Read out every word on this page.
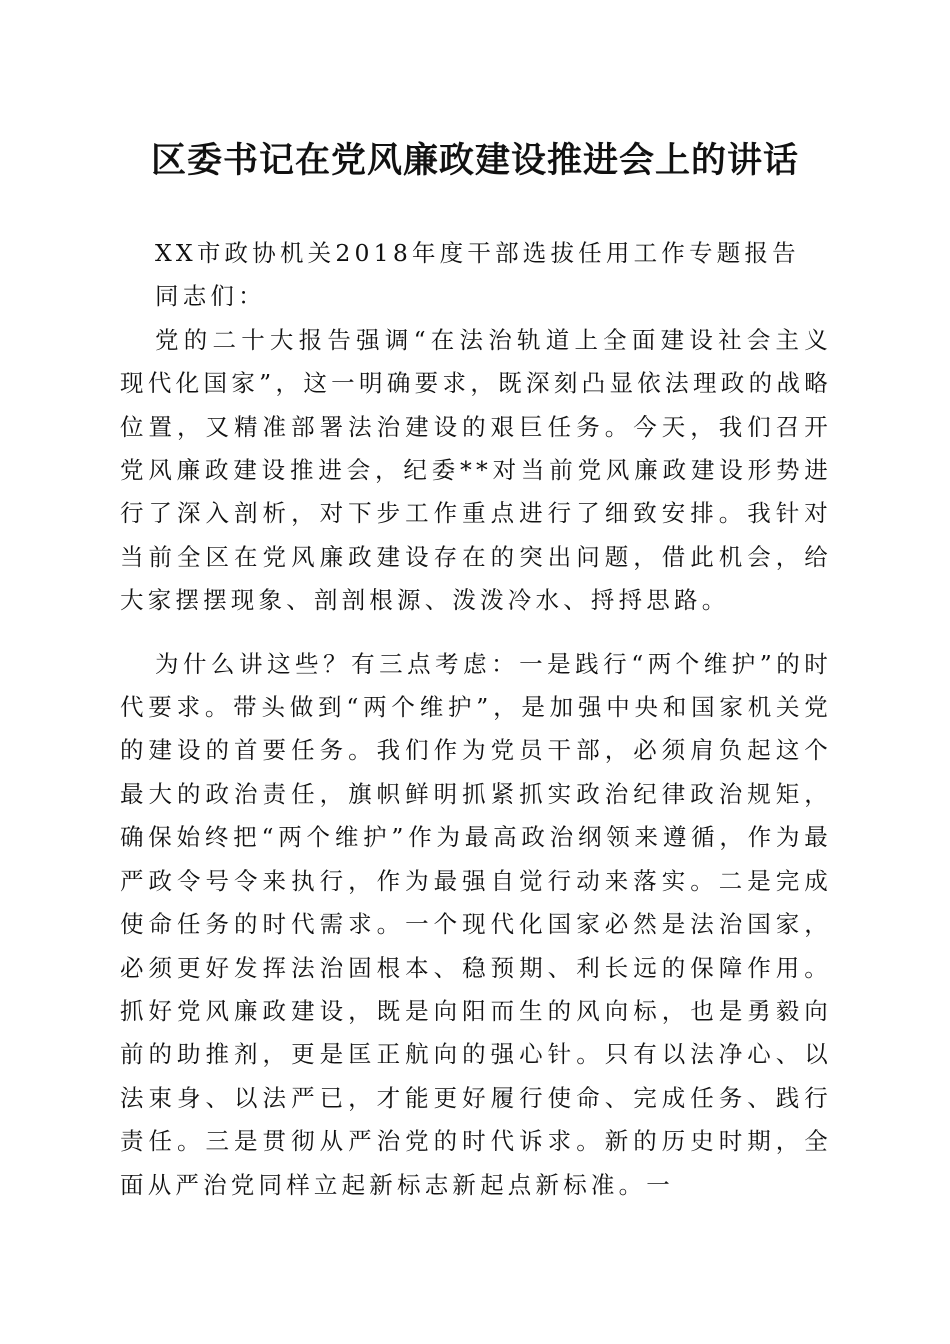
区委书记在党风廉政建设推进会上的讲话

XX市政协机关2018年度干部选拔任用工作专题报告

同志们：

党的二十大报告强调“在法治轨道上全面建设社会主义现代化国家”，这一明确要求，既深刻凸显依法理政的战略位置，又精准部署法治建设的艰巨任务。今天，我们召开党风廉政建设推进会，纪委**对当前党风廉政建设形势进行了深入剖析，对下步工作重点进行了细致安排。我针对当前全区在党风廉政建设存在的突出问题，借此机会，给大家摆摆现象、剖剖根源、泼泼冷水、捋捋思路。

为什么讲这些？有三点考虑：一是践行“两个维护”的时代要求。带头做到“两个维护”，是加强中央和国家机关党的建设的首要任务。我们作为党员干部，必须肩负起这个最大的政治责任，旗帜鲜明抓紧抓实政治纪律政治规矩，确保始终把“两个维护”作为最高政治纲领来遵循，作为最严政令号令来执行，作为最强自觉行动来落实。二是完成使命任务的时代需求。一个现代化国家必然是法治国家，必须更好发挥法治固根本、稳预期、利长远的保障作用。抓好党风廉政建设，既是向阳而生的风向标，也是勇毅向前的助推剂，更是匡正航向的强心针。只有以法净心、以法束身、以法严已，才能更好履行使命、完成任务、践行责任。三是贯彻从严治党的时代诉求。新的历史时期，全面从严治党同样立起新标志新起点新标准。一
